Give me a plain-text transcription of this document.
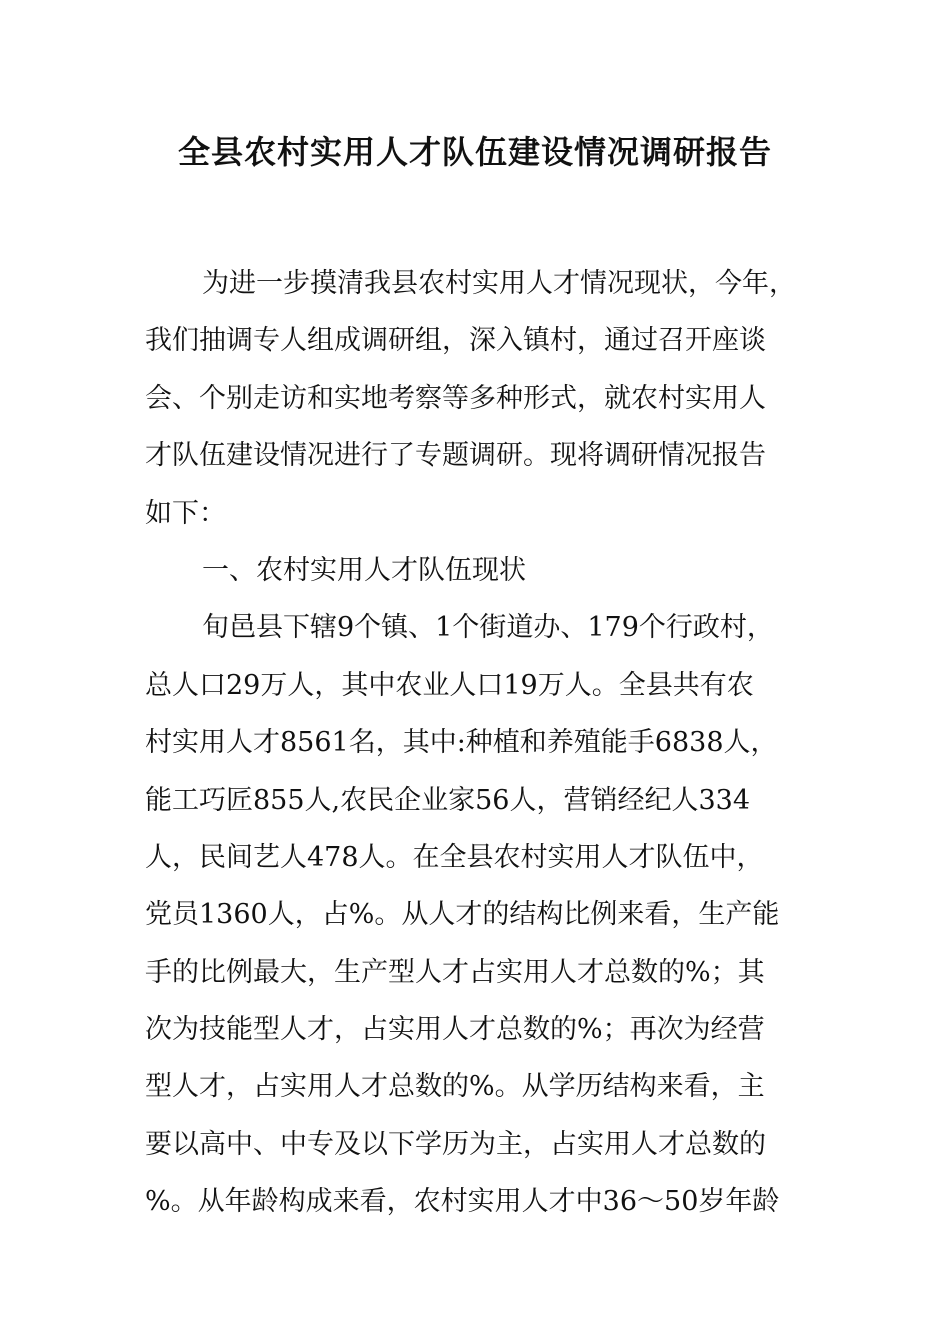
全县农村实用人才队伍建设情况调研报告
为进一步摸清我县农村实用人才情况现状，今年，
我们抽调专人组成调研组，深入镇村，通过召开座谈
会、个别走访和实地考察等多种形式，就农村实用人
才队伍建设情况进行了专题调研。现将调研情况报告
如下：
一、农村实用人才队伍现状
旬邑县下辖9个镇、1个街道办、179个行政村，
总人口29万人，其中农业人口19万人。全县共有农
村实用人才8561名，其中:种植和养殖能手6838人，
能工巧匠855人,农民企业家56人，营销经纪人334
人，民间艺人478人。在全县农村实用人才队伍中，
党员1360人，占%。从人才的结构比例来看，生产能
手的比例最大，生产型人才占实用人才总数的%；其
次为技能型人才，占实用人才总数的%；再次为经营
型人才，占实用人才总数的%。从学历结构来看，主
要以高中、中专及以下学历为主，占实用人才总数的
%。从年龄构成来看，农村实用人才中36～50岁年龄
